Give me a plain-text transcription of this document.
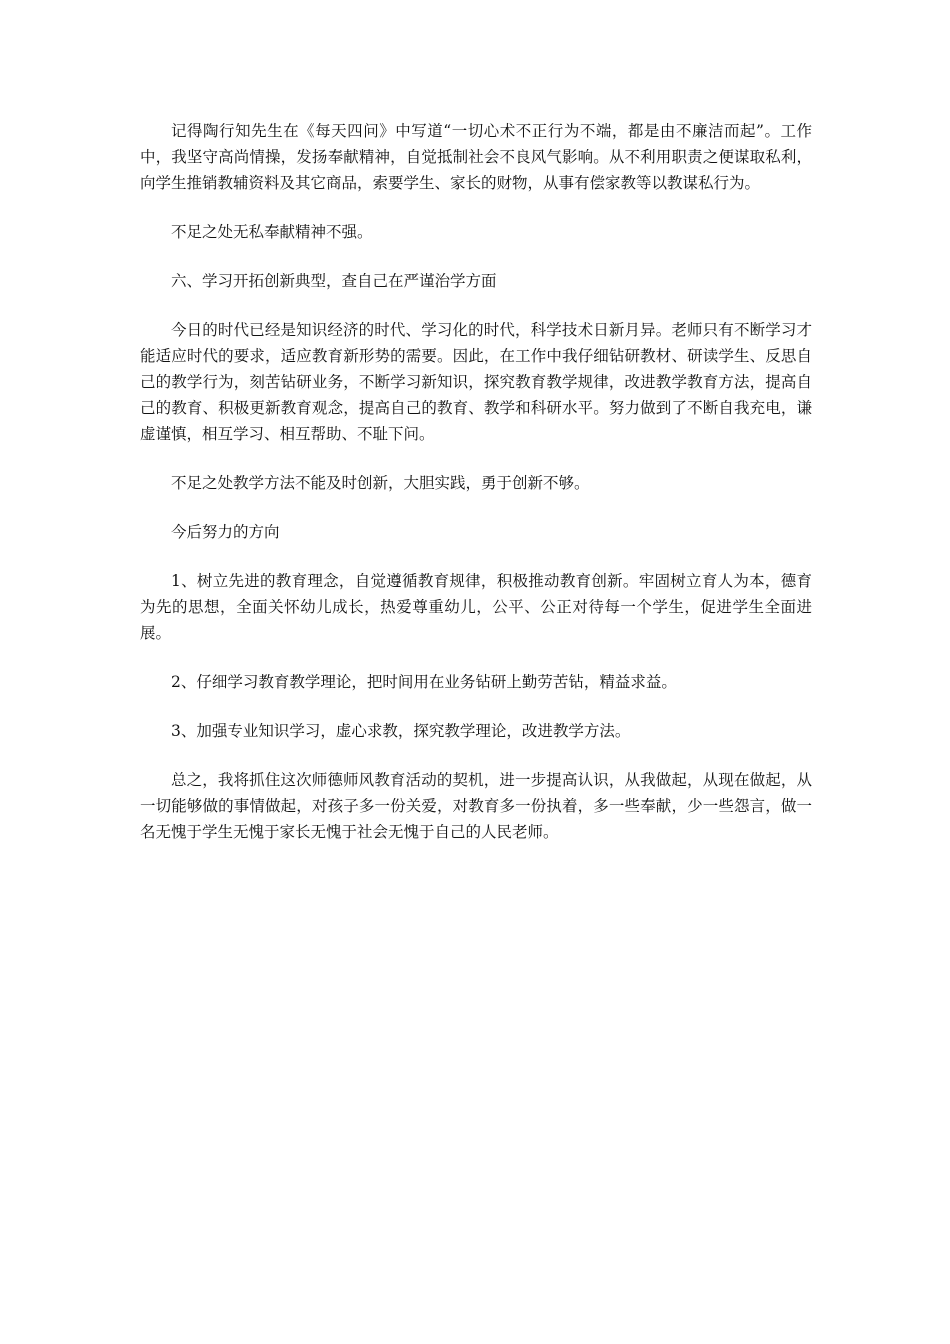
记得陶行知先生在《每天四问》中写道“一切心术不正行为不端，都是由不廉洁而起”。工作中，我坚守高尚情操，发扬奉献精神，自觉抵制社会不良风气影响。从不利用职责之便谋取私利，向学生推销教辅资料及其它商品，索要学生、家长的财物，从事有偿家教等以教谋私行为。

不足之处无私奉献精神不强。

六、学习开拓创新典型，查自己在严谨治学方面

今日的时代已经是知识经济的时代、学习化的时代，科学技术日新月异。老师只有不断学习才能适应时代的要求，适应教育新形势的需要。因此，在工作中我仔细钻研教材、研读学生、反思自己的教学行为，刻苦钻研业务，不断学习新知识，探究教育教学规律，改进教学教育方法，提高自己的教育、积极更新教育观念，提高自己的教育、教学和科研水平。努力做到了不断自我充电，谦虚谨慎，相互学习、相互帮助、不耻下问。

不足之处教学方法不能及时创新，大胆实践，勇于创新不够。

今后努力的方向

1、树立先进的教育理念，自觉遵循教育规律，积极推动教育创新。牢固树立育人为本，德育为先的思想，全面关怀幼儿成长，热爱尊重幼儿，公平、公正对待每一个学生，促进学生全面进展。

2、仔细学习教育教学理论，把时间用在业务钻研上勤劳苦钻，精益求益。

3、加强专业知识学习，虚心求教，探究教学理论，改进教学方法。

总之，我将抓住这次师德师风教育活动的契机，进一步提高认识，从我做起，从现在做起，从一切能够做的事情做起，对孩子多一份关爱，对教育多一份执着，多一些奉献，少一些怨言，做一名无愧于学生无愧于家长无愧于社会无愧于自己的人民老师。
